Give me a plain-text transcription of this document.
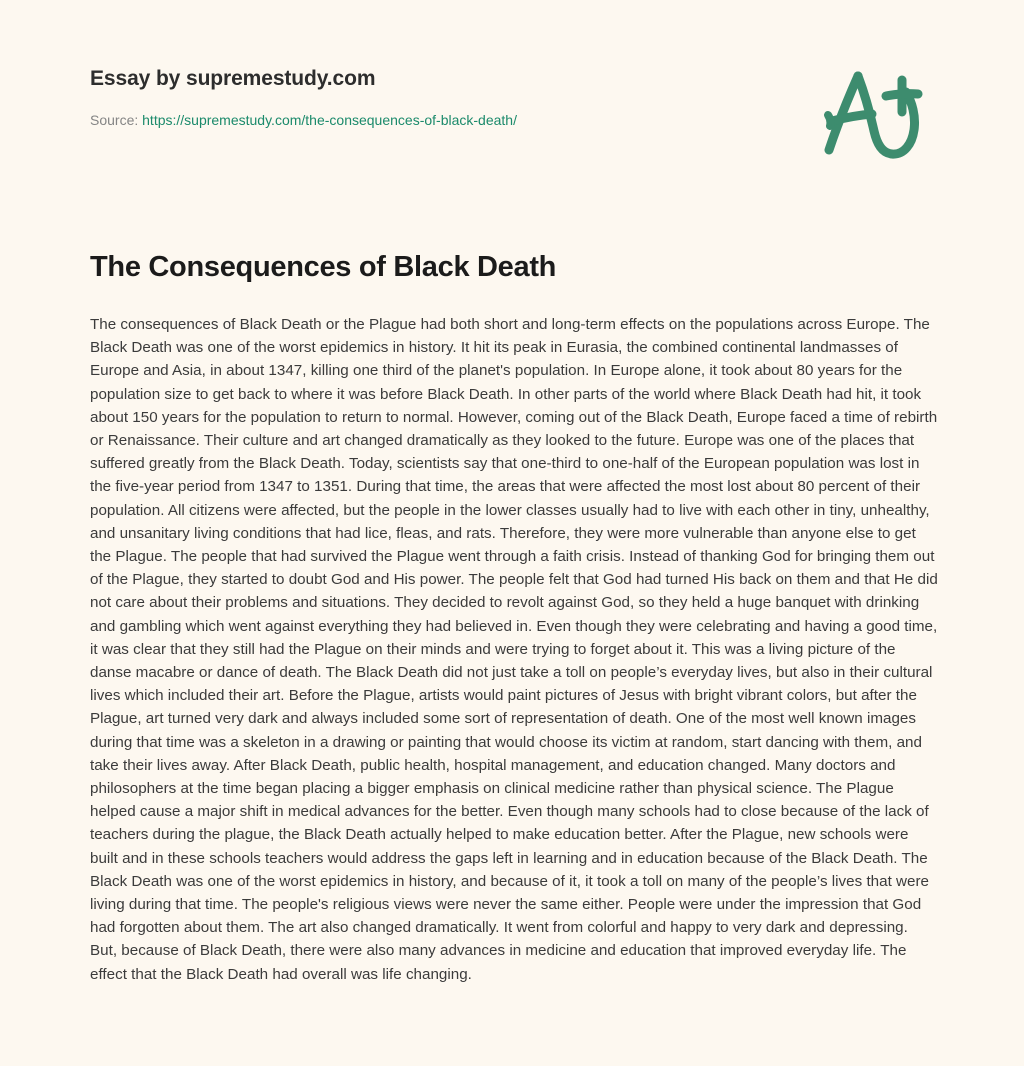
Essay by supremestudy.com
Source: https://supremestudy.com/the-consequences-of-black-death/
The Consequences of Black Death

The consequences of Black Death or the Plague had both short and long-term effects on the populations across Europe. The Black Death was one of the worst epidemics in history. It hit its peak in Eurasia, the combined continental landmasses of Europe and Asia, in about 1347, killing one third of the planet's population. In Europe alone, it took about 80 years for the population size to get back to where it was before Black Death. In other parts of the world where Black Death had hit, it took about 150 years for the population to return to normal. However, coming out of the Black Death, Europe faced a time of rebirth or Renaissance. Their culture and art changed dramatically as they looked to the future. Europe was one of the places that suffered greatly from the Black Death. Today, scientists say that one-third to one-half of the European population was lost in the five-year period from 1347 to 1351. During that time, the areas that were affected the most lost about 80 percent of their population. All citizens were affected, but the people in the lower classes usually had to live with each other in tiny, unhealthy, and unsanitary living conditions that had lice, fleas, and rats. Therefore, they were more vulnerable than anyone else to get the Plague. The people that had survived the Plague went through a faith crisis. Instead of thanking God for bringing them out of the Plague, they started to doubt God and His power. The people felt that God had turned His back on them and that He did not care about their problems and situations. They decided to revolt against God, so they held a huge banquet with drinking and gambling which went against everything they had believed in. Even though they were celebrating and having a good time, it was clear that they still had the Plague on their minds and were trying to forget about it. This was a living picture of the danse macabre or dance of death. The Black Death did not just take a toll on people’s everyday lives, but also in their cultural lives which included their art. Before the Plague, artists would paint pictures of Jesus with bright vibrant colors, but after the Plague, art turned very dark and always included some sort of representation of death. One of the most well known images during that time was a skeleton in a drawing or painting that would choose its victim at random, start dancing with them, and take their lives away. After Black Death, public health, hospital management, and education changed. Many doctors and philosophers at the time began placing a bigger emphasis on clinical medicine rather than physical science. The Plague helped cause a major shift in medical advances for the better. Even though many schools had to close because of the lack of teachers during the plague, the Black Death actually helped to make education better. After the Plague, new schools were built and in these schools teachers would address the gaps left in learning and in education because of the Black Death. The Black Death was one of the worst epidemics in history, and because of it, it took a toll on many of the people’s lives that were living during that time. The people's religious views were never the same either. People were under the impression that God had forgotten about them. The art also changed dramatically. It went from colorful and happy to very dark and depressing. But, because of Black Death, there were also many advances in medicine and education that improved everyday life. The effect that the Black Death had overall was life changing.
